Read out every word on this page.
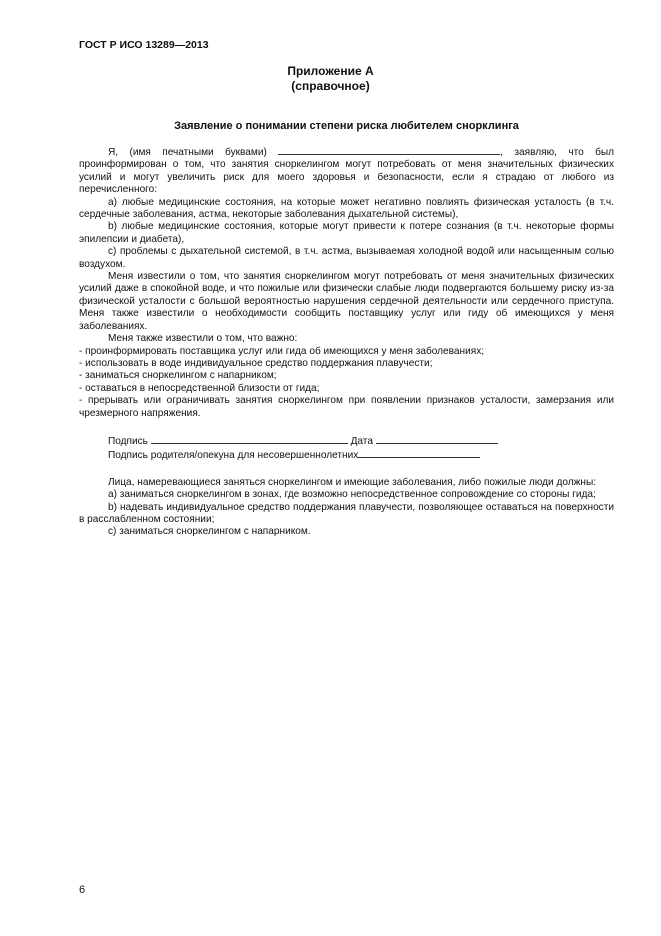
ГОСТ Р ИСО 13289—2013
Приложение А
(справочное)
Заявление о понимании степени риска любителем снорклинга

Я, (имя печатными буквами)	, заявляю, что был проинформирован о том, что занятия сноркелингом могут потребовать от меня значительных физических усилий и могут увеличить риск для моего здоровья и безопасности, если я страдаю от любого из перечисленного:

a) любые медицинские состояния, на которые может негативно повлиять физическая усталость (в т.ч. сердечные заболевания, астма, некоторые заболевания дыхательной системы),

b) любые медицинские состояния, которые могут привести к потере сознания (в т.ч. некоторые формы эпилепсии и диабета),

c) проблемы с дыхательной системой, в т.ч. астма, вызываемая холодной водой или насыщенным солью воздухом.

Меня известили о том, что занятия сноркелингом могут потребовать от меня значительных физических усилий даже в спокойной воде, и что пожилые или физически слабые люди подвергаются большему риску из-за физической усталости с большой вероятностью нарушения сердечной деятельности или сердечного приступа. Меня также известили о необходимости сообщить поставщику услуг или гиду об имеющихся у меня заболеваниях.

Меня также известили о том, что важно:

- проинформировать поставщика услуг или гида об имеющихся у меня заболеваниях;

- использовать в воде индивидуальное средство поддержания плавучести;

- заниматься сноркелингом с напарником;

- оставаться в непосредственной близости от гида;

- прерывать или ограничивать занятия сноркелингом при появлении признаков усталости, замерзания или чрезмерного напряжения.

Подпись	Дата

Подпись родителя/опекуна для несовершеннолетних

Лица, намеревающиеся заняться сноркелингом и имеющие заболевания, либо пожилые люди должны:

a) заниматься сноркелингом в зонах, где возможно непосредственное сопровождение со стороны гида;

b) надевать индивидуальное средство поддержания плавучести, позволяющее оставаться на поверхности в расслабленном состоянии;

c) заниматься сноркелингом с напарником.

6
